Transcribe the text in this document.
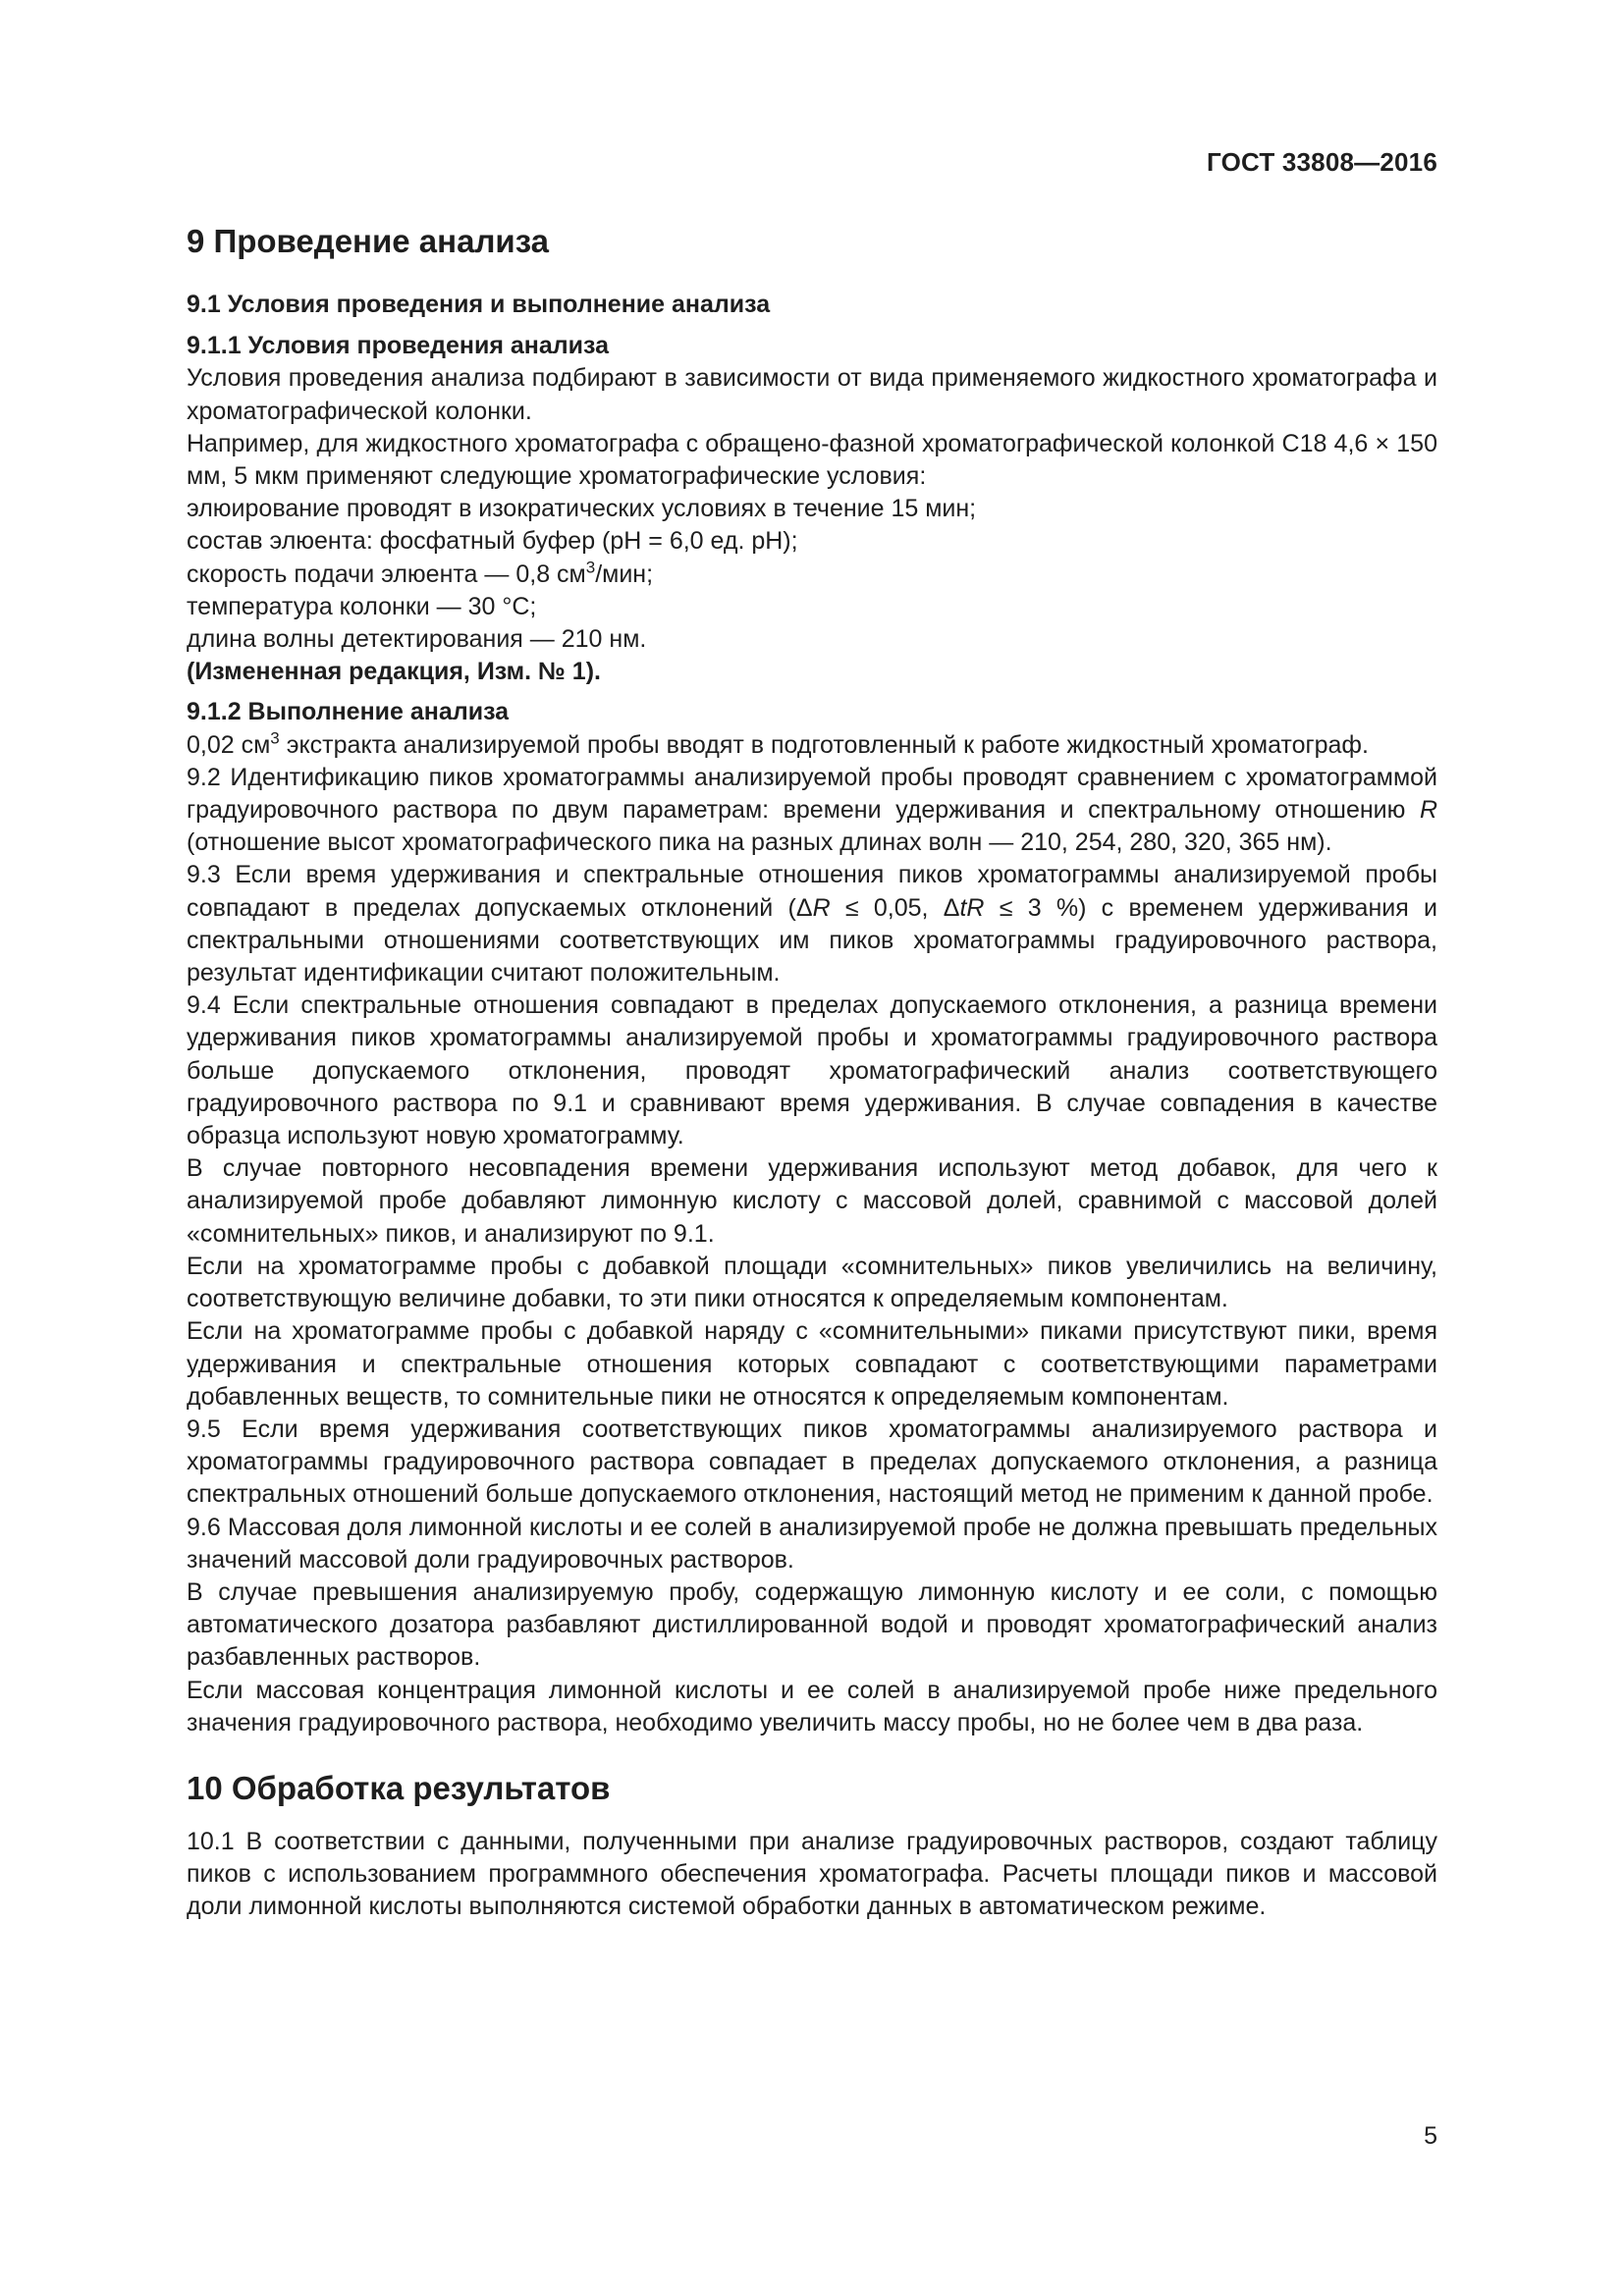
ГОСТ 33808—2016
9 Проведение анализа
9.1 Условия проведения и выполнение анализа
9.1.1 Условия проведения анализа

Условия проведения анализа подбирают в зависимости от вида применяемого жидкостного хроматографа и хроматографической колонки.

Например, для жидкостного хроматографа с обращено-фазной хроматографической колонкой С18 4,6 × 150 мм, 5 мкм применяют следующие хроматографические условия:

элюирование проводят в изократических условиях в течение 15 мин;
состав элюента: фосфатный буфер (pH = 6,0 ед. pH);
скорость подачи элюента — 0,8 $см^3$/мин;
температура колонки — 30 °С;
длина волны детектирования — 210 нм.
(Измененная редакция, Изм. № 1).
9.1.2 Выполнение анализа

0,02 $см^3$ экстракта анализируемой пробы вводят в подготовленный к работе жидкостный хроматограф.

9.2 Идентификацию пиков хроматограммы анализируемой пробы проводят сравнением с хроматограммой градуировочного раствора по двум параметрам: времени удерживания и спектральному отношению R (отношение высот хроматографического пика на разных длинах волн — 210, 254, 280, 320, 365 нм).

9.3 Если время удерживания и спектральные отношения пиков хроматограммы анализируемой пробы совпадают в пределах допускаемых отклонений (ΔR ≤ 0,05, ΔtR ≤ 3 %) с временем удерживания и спектральными отношениями соответствующих им пиков хроматограммы градуировочного раствора, результат идентификации считают положительным.

9.4 Если спектральные отношения совпадают в пределах допускаемого отклонения, а разница времени удерживания пиков хроматограммы анализируемой пробы и хроматограммы градуировочного раствора больше допускаемого отклонения, проводят хроматографический анализ соответствующего градуировочного раствора по 9.1 и сравнивают время удерживания. В случае совпадения в качестве образца используют новую хроматограмму.

В случае повторного несовпадения времени удерживания используют метод добавок, для чего к анализируемой пробе добавляют лимонную кислоту с массовой долей, сравнимой с массовой долей «сомнительных» пиков, и анализируют по 9.1.

Если на хроматограмме пробы с добавкой площади «сомнительных» пиков увеличились на величину, соответствующую величине добавки, то эти пики относятся к определяемым компонентам.

Если на хроматограмме пробы с добавкой наряду с «сомнительными» пиками присутствуют пики, время удерживания и спектральные отношения которых совпадают с соответствующими параметрами добавленных веществ, то сомнительные пики не относятся к определяемым компонентам.

9.5 Если время удерживания соответствующих пиков хроматограммы анализируемого раствора и хроматограммы градуировочного раствора совпадает в пределах допускаемого отклонения, а разница спектральных отношений больше допускаемого отклонения, настоящий метод не применим к данной пробе.

9.6 Массовая доля лимонной кислоты и ее солей в анализируемой пробе не должна превышать предельных значений массовой доли градуировочных растворов.

В случае превышения анализируемую пробу, содержащую лимонную кислоту и ее соли, с помощью автоматического дозатора разбавляют дистиллированной водой и проводят хроматографический анализ разбавленных растворов.

Если массовая концентрация лимонной кислоты и ее солей в анализируемой пробе ниже предельного значения градуировочного раствора, необходимо увеличить массу пробы, но не более чем в два раза.

10 Обработка результатов

10.1 В соответствии с данными, полученными при анализе градуировочных растворов, создают таблицу пиков с использованием программного обеспечения хроматографа. Расчеты площади пиков и массовой доли лимонной кислоты выполняются системой обработки данных в автоматическом режиме.

5
